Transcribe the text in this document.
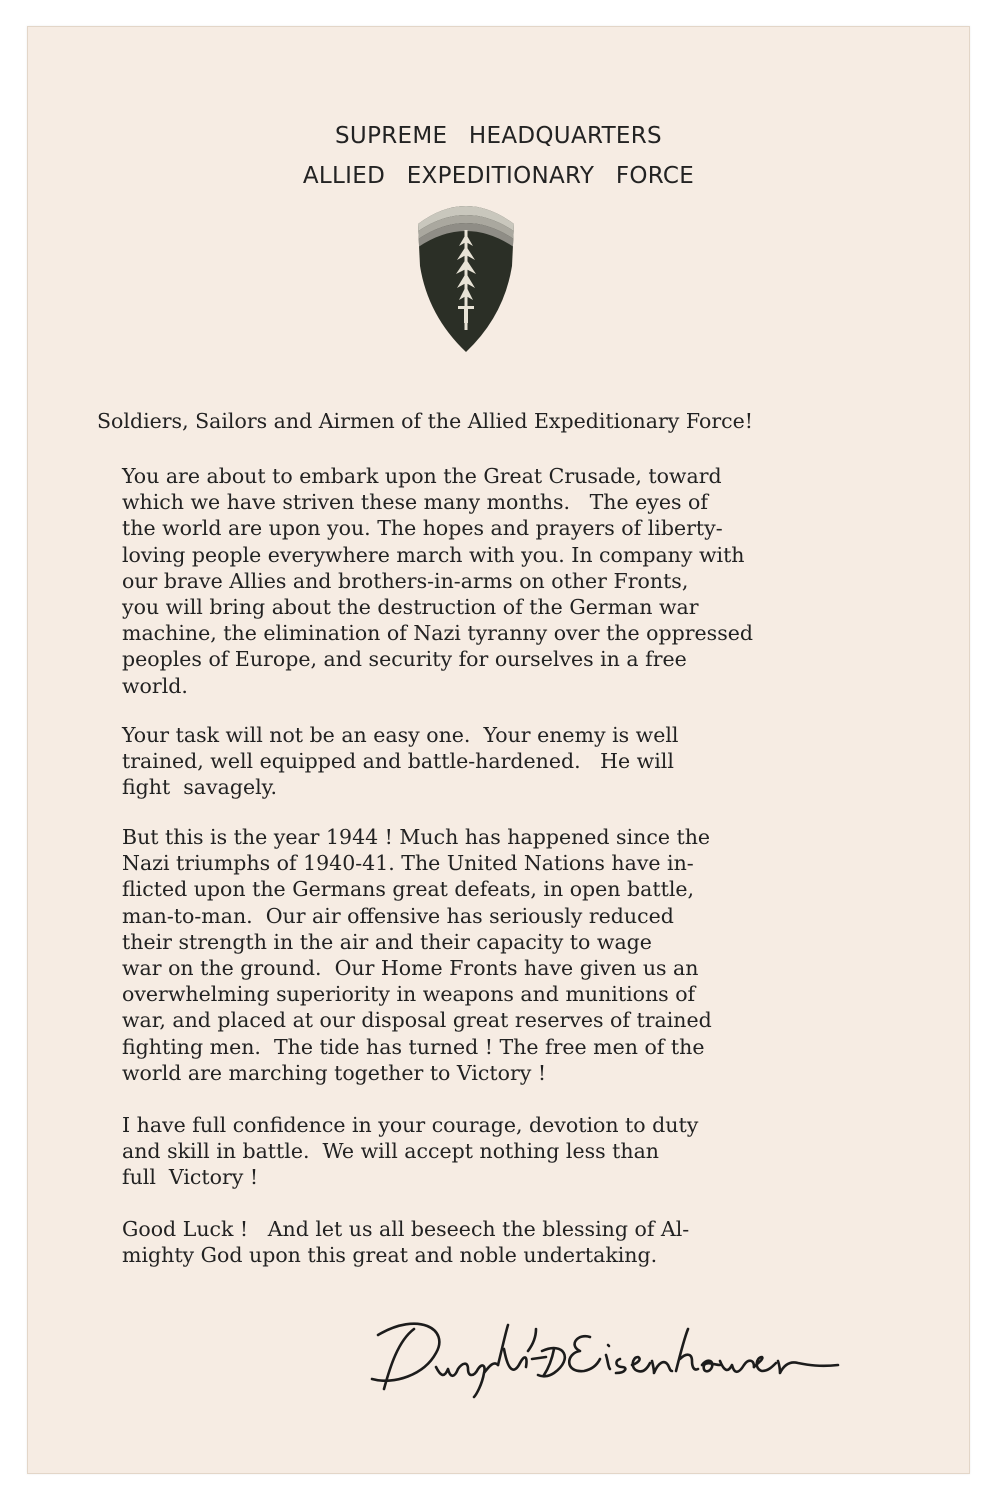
SUPREME HEADQUARTERS
ALLIED EXPEDITIONARY FORCE
Soldiers, Sailors and Airmen of the Allied Expeditionary Force!
You are about to embark upon the Great Crusade, toward
which we have striven these many months.   The eyes of
the world are upon you. The hopes and prayers of liberty-
loving people everywhere march with you. In company with
our brave Allies and brothers-in-arms on other Fronts,
you will bring about the destruction of the German war
machine, the elimination of Nazi tyranny over the oppressed
peoples of Europe, and security for ourselves in a free
world.
Your task will not be an easy one.  Your enemy is well
trained, well equipped and battle-hardened.   He will
fight  savagely.
But this is the year 1944 ! Much has happened since the
Nazi triumphs of 1940-41. The United Nations have in-
flicted upon the Germans great defeats, in open battle,
man-to-man.  Our air offensive has seriously reduced
their strength in the air and their capacity to wage
war on the ground.  Our Home Fronts have given us an
overwhelming superiority in weapons and munitions of
war, and placed at our disposal great reserves of trained
fighting men.  The tide has turned ! The free men of the
world are marching together to Victory !
I have full confidence in your courage, devotion to duty
and skill in battle.  We will accept nothing less than
full  Victory !
Good Luck !   And let us all beseech the blessing of Al-
mighty God upon this great and noble undertaking.
